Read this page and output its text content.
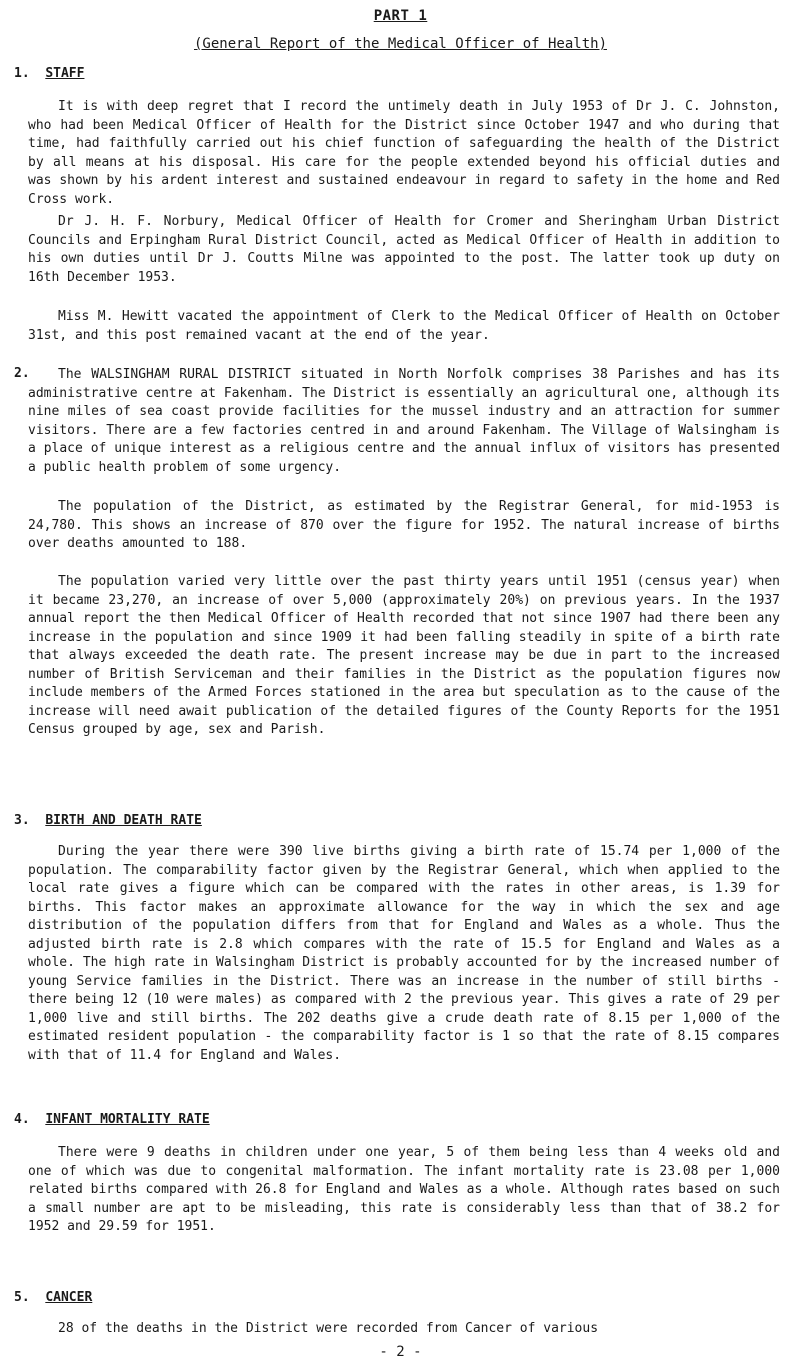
PART 1
(General Report of the Medical Officer of Health)
1. STAFF

It is with deep regret that I record the untimely death in July 1953 of Dr J. C. Johnston, who had been Medical Officer of Health for the District since October 1947 and who during that time, had faithfully carried out his chief function of safeguarding the health of the District by all means at his disposal. His care for the people extended beyond his official duties and was shown by his ardent interest and sustained endeavour in regard to safety in the home and Red Cross work.

Dr J. H. F. Norbury, Medical Officer of Health for Cromer and Sheringham Urban District Councils and Erpingham Rural District Council, acted as Medical Officer of Health in addition to his own duties until Dr J. Coutts Milne was appointed to the post. The latter took up duty on 16th December 1953.

Miss M. Hewitt vacated the appointment of Clerk to the Medical Officer of Health on October 31st, and this post remained vacant at the end of the year.

2.	The WALSINGHAM RURAL DISTRICT situated in North Norfolk comprises 38 Parishes and has its administrative centre at Fakenham. The District is essentially an agricultural one, although its nine miles of sea coast provide facilities for the mussel industry and an attraction for summer visitors. There are a few factories centred in and around Fakenham. The Village of Walsingham is a place of unique interest as a religious centre and the annual influx of visitors has presented a public health problem of some urgency.

The population of the District, as estimated by the Registrar General, for mid-1953 is 24,780. This shows an increase of 870 over the figure for 1952. The natural increase of births over deaths amounted to 188.

The population varied very little over the past thirty years until 1951 (census year) when it became 23,270, an increase of over 5,000 (approximately 20%) on previous years. In the 1937 annual report the then Medical Officer of Health recorded that not since 1907 had there been any increase in the population and since 1909 it had been falling steadily in spite of a birth rate that always exceeded the death rate. The present increase may be due in part to the increased number of British Serviceman and their families in the District as the population figures now include members of the Armed Forces stationed in the area but speculation as to the cause of the increase will need await publication of the detailed figures of the County Reports for the 1951 Census grouped by age, sex and Parish.

3. BIRTH AND DEATH RATE

During the year there were 390 live births giving a birth rate of 15.74 per 1,000 of the population. The comparability factor given by the Registrar General, which when applied to the local rate gives a figure which can be compared with the rates in other areas, is 1.39 for births. This factor makes an approximate allowance for the way in which the sex and age distribution of the population differs from that for England and Wales as a whole. Thus the adjusted birth rate is 2.8 which compares with the rate of 15.5 for England and Wales as a whole. The high rate in Walsingham District is probably accounted for by the increased number of young Service families in the District. There was an increase in the number of still births - there being 12 (10 were males) as compared with 2 the previous year. This gives a rate of 29 per 1,000 live and still births. The 202 deaths give a crude death rate of 8.15 per 1,000 of the estimated resident population - the comparability factor is 1 so that the rate of 8.15 compares with that of 11.4 for England and Wales.

4. INFANT MORTALITY RATE

There were 9 deaths in children under one year, 5 of them being less than 4 weeks old and one of which was due to congenital malformation. The infant mortality rate is 23.08 per 1,000 related births compared with 26.8 for England and Wales as a whole. Although rates based on such a small number are apt to be misleading, this rate is considerably less than that of 38.2 for 1952 and 29.59 for 1951.

5. CANCER

28 of the deaths in the District were recorded from Cancer of various

- 2 -
